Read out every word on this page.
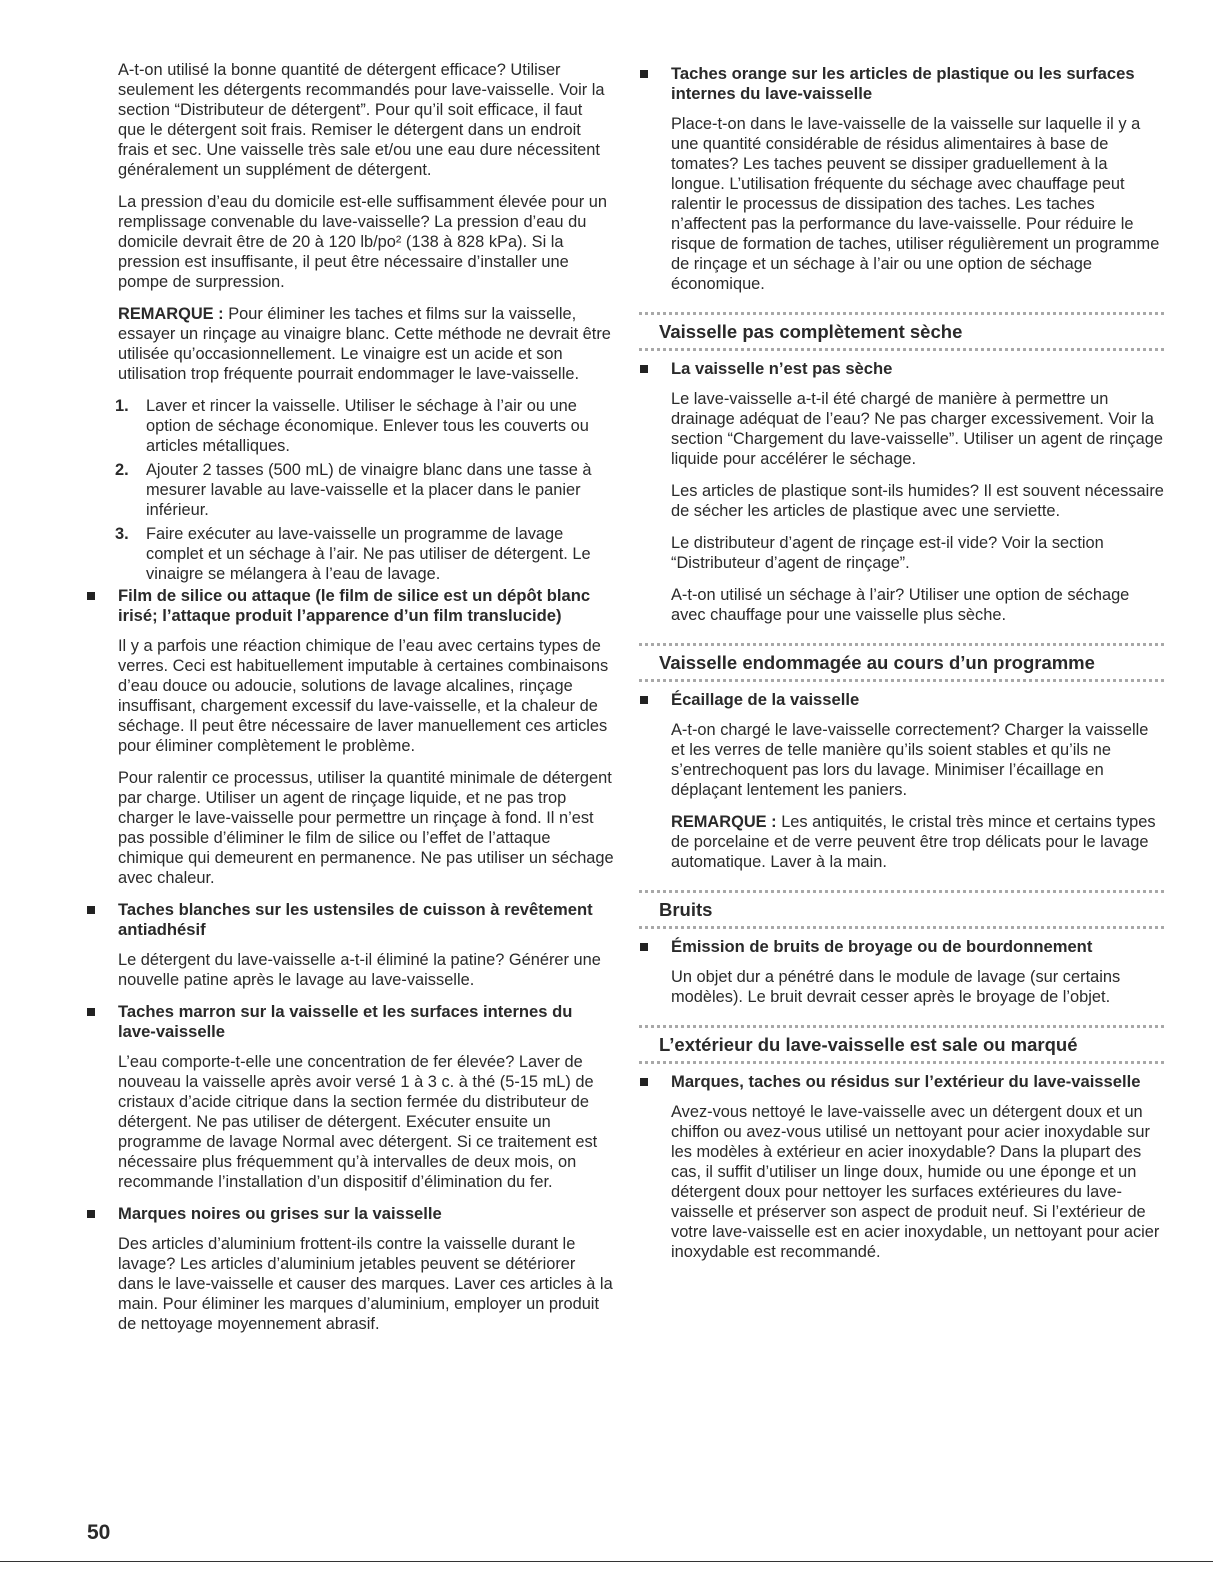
A-t-on utilisé la bonne quantité de détergent efficace? Utiliser seulement les détergents recommandés pour lave-vaisselle. Voir la section “Distributeur de détergent”. Pour qu’il soit efficace, il faut que le détergent soit frais. Remiser le détergent dans un endroit frais et sec. Une vaisselle très sale et/ou une eau dure nécessitent généralement un supplément de détergent.

La pression d’eau du domicile est-elle suffisamment élevée pour un remplissage convenable du lave-vaisselle? La pression d’eau du domicile devrait être de 20 à 120 lb/po² (138 à 828 kPa). Si la pression est insuffisante, il peut être nécessaire d’installer une pompe de surpression.

REMARQUE : Pour éliminer les taches et films sur la vaisselle, essayer un rinçage au vinaigre blanc. Cette méthode ne devrait être utilisée qu’occasionnellement. Le vinaigre est un acide et son utilisation trop fréquente pourrait endommager le lave-vaisselle.

1. Laver et rincer la vaisselle. Utiliser le séchage à l’air ou une option de séchage économique. Enlever tous les couverts ou articles métalliques.
2. Ajouter 2 tasses (500 mL) de vinaigre blanc dans une tasse à mesurer lavable au lave-vaisselle et la placer dans le panier inférieur.
3. Faire exécuter au lave-vaisselle un programme de lavage complet et un séchage à l’air. Ne pas utiliser de détergent. Le vinaigre se mélangera à l’eau de lavage.
Film de silice ou attaque (le film de silice est un dépôt blanc irisé; l’attaque produit l’apparence d’un film translucide)

Il y a parfois une réaction chimique de l’eau avec certains types de verres. Ceci est habituellement imputable à certaines combinaisons d’eau douce ou adoucie, solutions de lavage alcalines, rinçage insuffisant, chargement excessif du lave-vaisselle, et la chaleur de séchage. Il peut être nécessaire de laver manuellement ces articles pour éliminer complètement le problème.

Pour ralentir ce processus, utiliser la quantité minimale de détergent par charge. Utiliser un agent de rinçage liquide, et ne pas trop charger le lave-vaisselle pour permettre un rinçage à fond. Il n’est pas possible d’éliminer le film de silice ou l’effet de l’attaque chimique qui demeurent en permanence. Ne pas utiliser un séchage avec chaleur.

Taches blanches sur les ustensiles de cuisson à revêtement antiadhésif

Le détergent du lave-vaisselle a-t-il éliminé la patine? Générer une nouvelle patine après le lavage au lave-vaisselle.

Taches marron sur la vaisselle et les surfaces internes du lave-vaisselle

L’eau comporte-t-elle une concentration de fer élevée? Laver de nouveau la vaisselle après avoir versé 1 à 3 c. à thé (5-15 mL) de cristaux d’acide citrique dans la section fermée du distributeur de détergent. Ne pas utiliser de détergent. Exécuter ensuite un programme de lavage Normal avec détergent. Si ce traitement est nécessaire plus fréquemment qu’à intervalles de deux mois, on recommande l’installation d’un dispositif d’élimination du fer.

Marques noires ou grises sur la vaisselle

Des articles d’aluminium frottent-ils contre la vaisselle durant le lavage? Les articles d’aluminium jetables peuvent se détériorer dans le lave-vaisselle et causer des marques. Laver ces articles à la main. Pour éliminer les marques d’aluminium, employer un produit de nettoyage moyennement abrasif.

Taches orange sur les articles de plastique ou les surfaces internes du lave-vaisselle

Place-t-on dans le lave-vaisselle de la vaisselle sur laquelle il y a une quantité considérable de résidus alimentaires à base de tomates? Les taches peuvent se dissiper graduellement à la longue. L’utilisation fréquente du séchage avec chauffage peut ralentir le processus de dissipation des taches. Les taches n’affectent pas la performance du lave-vaisselle. Pour réduire le risque de formation de taches, utiliser régulièrement un programme de rinçage et un séchage à l’air ou une option de séchage économique.

Vaisselle pas complètement sèche
La vaisselle n’est pas sèche

Le lave-vaisselle a-t-il été chargé de manière à permettre un drainage adéquat de l’eau? Ne pas charger excessivement. Voir la section “Chargement du lave-vaisselle”. Utiliser un agent de rinçage liquide pour accélérer le séchage.

Les articles de plastique sont-ils humides? Il est souvent nécessaire de sécher les articles de plastique avec une serviette.

Le distributeur d’agent de rinçage est-il vide? Voir la section “Distributeur d’agent de rinçage”.

A-t-on utilisé un séchage à l’air? Utiliser une option de séchage avec chauffage pour une vaisselle plus sèche.

Vaisselle endommagée au cours d’un programme
Écaillage de la vaisselle

A-t-on chargé le lave-vaisselle correctement? Charger la vaisselle et les verres de telle manière qu’ils soient stables et qu’ils ne s’entrechoquent pas lors du lavage. Minimiser l’écaillage en déplaçant lentement les paniers.

REMARQUE : Les antiquités, le cristal très mince et certains types de porcelaine et de verre peuvent être trop délicats pour le lavage automatique. Laver à la main.

Bruits
Émission de bruits de broyage ou de bourdonnement

Un objet dur a pénétré dans le module de lavage (sur certains modèles). Le bruit devrait cesser après le broyage de l’objet.

L’extérieur du lave-vaisselle est sale ou marqué
Marques, taches ou résidus sur l’extérieur du lave-vaisselle

Avez-vous nettoyé le lave-vaisselle avec un détergent doux et un chiffon ou avez-vous utilisé un nettoyant pour acier inoxydable sur les modèles à extérieur en acier inoxydable? Dans la plupart des cas, il suffit d’utiliser un linge doux, humide ou une éponge et un détergent doux pour nettoyer les surfaces extérieures du lave-vaisselle et préserver son aspect de produit neuf. Si l’extérieur de votre lave-vaisselle est en acier inoxydable, un nettoyant pour acier inoxydable est recommandé.

50
